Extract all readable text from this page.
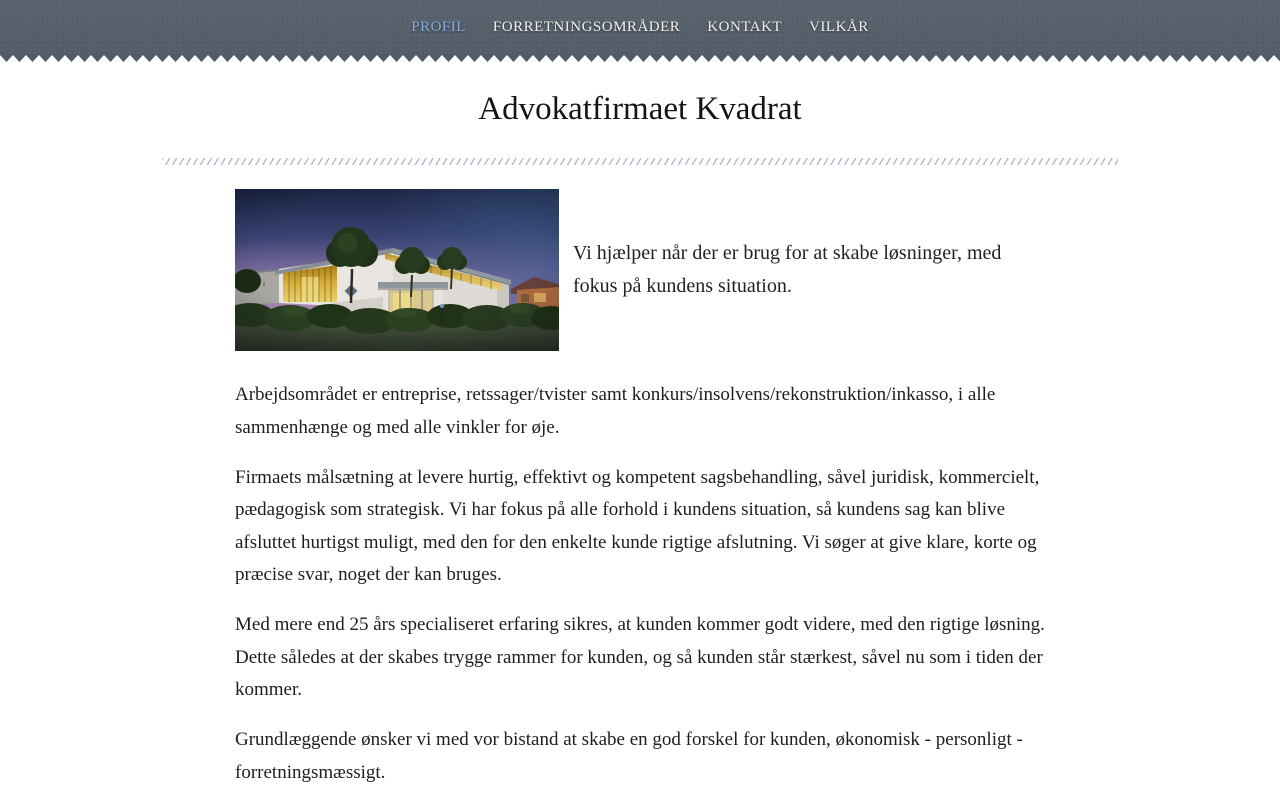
PROFIL FORRETNINGSOMRÅDER KONTAKT VILKÅR
Advokatfirmaet Kvadrat

Vi hjælper når der er brug for at skabe løsninger, med fokus på kundens situation.

Arbejdsområdet er entreprise, retssager/tvister samt konkurs/insolvens/rekonstruktion/inkasso, i alle sammenhænge og med alle vinkler for øje.

Firmaets målsætning at levere hurtig, effektivt og kompetent sagsbehandling, såvel juridisk, kommercielt, pædagogisk som strategisk. Vi har fokus på alle forhold i kundens situation, så kundens sag kan blive afsluttet hurtigst muligt, med den for den enkelte kunde rigtige afslutning. Vi søger at give klare, korte og præcise svar, noget der kan bruges.

Med mere end 25 års specialiseret erfaring sikres, at kunden kommer godt videre, med den rigtige løsning. Dette således at der skabes trygge rammer for kunden, og så kunden står stærkest, såvel nu som i tiden der kommer.

Grundlæggende ønsker vi med vor bistand at skabe en god forskel for kunden, økonomisk - personligt - forretningsmæssigt.
